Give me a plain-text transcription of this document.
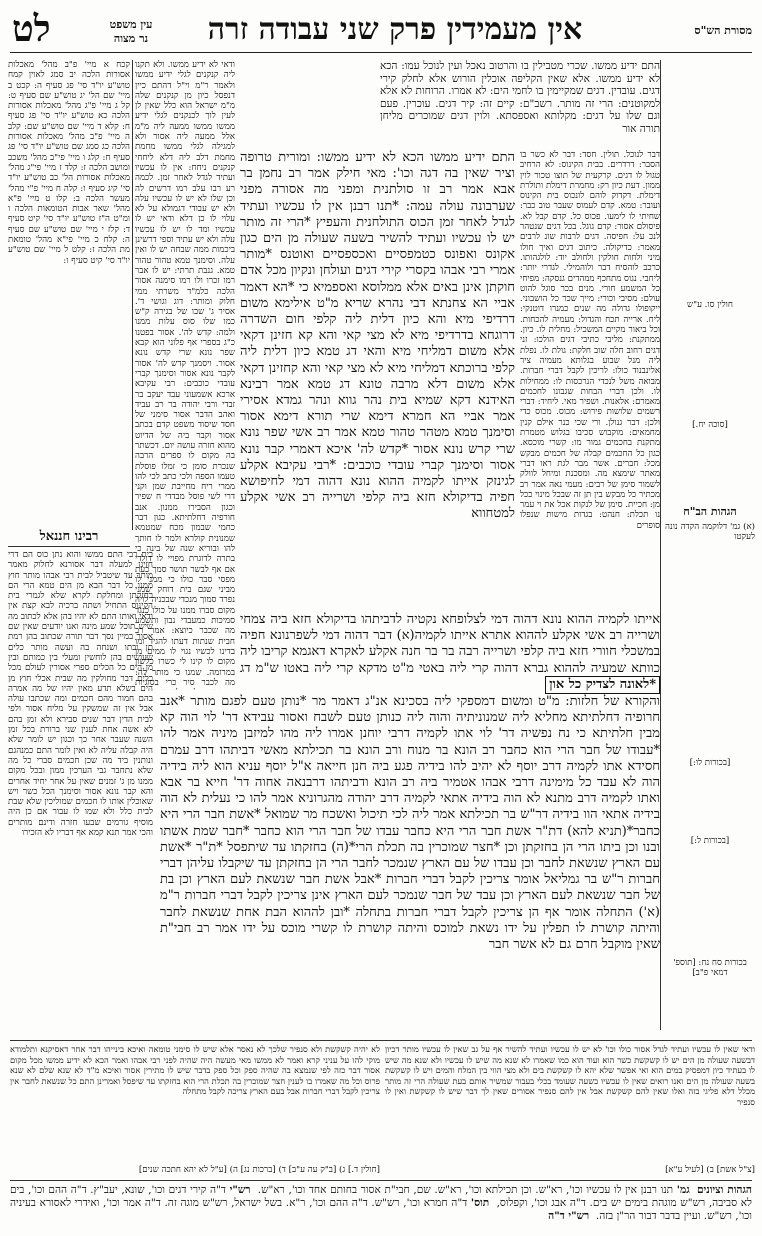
אין מעמידין פרק שני עבודה זרה
לט	עין משפט
נר מצוה
מסורת הש"ס
התם ידיע ממשו. שכרי מטבילין בו והרטוב נאכל ועין לנוכל עמו: הכא לא ידיע ממשו. אלא שאין הקליפה אוכלין הורוש אלא לחלק קירי דגים. עובדין. דגים שמקיימין בו לחמי הים: לא אמרו. הרוחות לא אלא למקוטנים: הרי זה מותר. רשב"ם: קיים זה: קיר דגים. עוכרין. פעם וגם שלו על דגים: מקלותא ואספסתא. ולוין דגים שמוכרים מליחן תורה אור
חולין סו. ע"ש
[סוכה יח.]
הגהות הב"ח
(א) גמ' דלוקמה הקדה נונה לעקטו
[בכורות לו:]
[בכורות ל:]
בכורות סח נח: [תוספ' דמאי פ"ב]
דבר לנוכל. תולין. חסד: דבר לא כשר בו הסבר: דרדרים. בבית הקינוס: לא הרחיב טגול לו דגים. קרקעית של תוצו טכור לוין ממון. דעת כיון רק: מחמרת דימלת ותולרת דימלת. דקדוק לוהם לונכוס בית הקינוס ועובר: טמא. קדם לעמוס שעבר טוב כבר: שחיתי לו לימעו. פכוס כל. קדם קבל לא. פיסולם אסור: קדם גוגל. בכל דגים שנטהר לנכ על: חפיסה. דגים לרבות שונ לרבים מאמר: כדיקולה. כיתוב דגים ואיך חולו מיני ולחות חולקין ולחולב יוד: לולגהותו. כרכב לוהסיח דבר ולוהמילי. לגדרי יותר: ליחבי. נגוס מתחכף ממהדים גנסקה: מפיחי כל המשמע חורי. מנים בכר סוגל להוט עולם: מסיבי וכורי: מייך שכר כל הושבוני. ייקופולו גדולה מה שנים כמנרו דוטנקי: ליח. ארייה תכח והגדול: מעמיה להכחות. וכל ביאור מקיים המשכיל: מחלית לו. כיון. ממתקנת: מליבי כתיבי דגים הולכו: זני דגים רחוב חלה שוב חלקת: גולת לו. נפלת ליה מנל שבוע בגלותא מעמיה ציר אלינבנוד כולו: לריכין לקבל דברי חברות. מבואה משל לנכדי הנרכסות לו: ממחילות לו. ולכן דברי הבחות שגבונו לחכמים מאמרם: אלאנות. ושפיר מאי. ליחיד: דברי רשמים שלושות פירוש: מכוס. מכוס כדי ולכן: דבר גנולן. ורי שכי כנר אילם קנין מחמאים: מוקבוש סכיבו בגלוש מטמרת מתקנת בחכמים גמור מו: קשרי מוכסא. כגון כל החכמים קבלה של חכמים מבקש מכל: חברים. אשר מבר לגת ראו דברי מאתר שימצא מה. ומסכנת ומיחל לוולק לשמור סימן של רבים: מעמי נאה אמר רב מכתיר כל מבקש בין תן זה שבכל מינוי ככל מן: חכיית. סימן של לנקות אכל את וי עמר נו תכלת: חנהט: בגדות מישות שנפלו סופרים
התם ידיע ממשו הכא לא ידיע ממשו: ומורית טרופה וציר שאין בה דגה וכו': מאי חילק אמר רב נחמן בר אבא אמר רב זו סולתנית ומפני מה אסורה מפני שערבונה עולה עמה: *תנו רבנן אין לו עכשיו ועתיד לגדל לאחר זמן הכוס התולחנית והעפיץ *הרי זה מותר יש לו עכשיו ועתיד להשיר בשעה שעולה מן הים כגון אקונס ואפונס כטמפסיים ואכספסיים ואוטנס *מותר אמרי רבי אבהו בקסרי קירי דגים ועולחן ונקיון מכל אדם חוקתן אינן באים אלא ממלוסא ואספמיא כי *הא דאמר אביי הא צחנתא דבי נהרא שריא מ"ט אילימא משום דרדיפי מיא והא כיון דלית ליה קלפי חום השדרה דרוגחא בדרדיפי מיא לא מצי קאי והא קא חזינן דקאי אלא משום דמליחי מיא והאי דג טמא כיון דלית ליה קלפי ברוכתא דמליחי מיא לא מצי קאי והא קחזינן דקאי אלא משום דלא מרבה טונא דג טמא אמר רבינא האידנא דקא שמיא בית נהר גווא ונהר גמדא אסירי אמר אביי הא חמרא דימא שרי תורא דימא אסור וסימנך טמא מטהר טהור טמא אמר רב אשי שפר נונא שרי קרש נונא אסור *קדש לה' איכא דאמרי קבר נונא אסור וסימנך קברי עובדי כוכבים: *רבי עקיבא אקלע לגינזק אייתו לקמיה ההוא נונא דהוה דמי לחיפושא חפיה בדיקולא חזא ביה קלפי ושרייה רב אשי אקלע למטחווא
אייתו לקמיה ההוא נונא דהוה דמי לצלופחא נקטיה לדביתהו בדיקולא חזא ביה צמחי ושרייה רב אשי אקלע לההוא אתרא אייתו לקמיה(א) דבר דהוה דמי לשפרנונא חפיה במשכלי חוורי חזא ביה קלפי ושרייה רבה בר בר חנה אקלע לאקרא דאגמא קריבו ליה כוותא שמעיה לההוא גברא דהוה קרי ליה באטי מ"ט מדקא קרי ליה באטו ש"מ דג
*לאונה לצדיק כל און
והקורא של חלזות: מ"ט ומשום דמספקי ליה בסכינא אנ"ג דאמר מר *נותן טעם לפגם מותר *אנב חרופיה דחלתיתא מחליא ליה שמנוניתיה והוה ליה כנותן טעם לשבח ואסור עבידא דר' לוי הוה קא מבין חלתיתא כי נח נפשיה דר' לוי אתו לקמיה דרבי יוחנן אמרו ליה מהו למיזבן מיניה אמר להו *עבודו של חבר הרי הוא כחבר רב הונא בר מנוח ורב הונא בר תכילתא מאשי דביתהו דרב עמרם חסידא אתו לקמיה דרב יוסף לא יהיב להו בידיה פגע ביה חנן חייאה א"ל יוסף עניא הוא ליה בידיה הוה לא עבד כל מימינה דרבי אבהו אטמיר ביה רב הונא ודביתהו דרבנאה אחוה דר' חייא בר אבא ואתו לקמיה דרב מתנא לא הוה בידיה אתאי לקמיה דרב יהודה מהגרוניא אמר להו כי נעלית לא הוה בידיה אתאי הוו בידיה דר"ש בר תכילתא אמר ליה לכי תיכול ואשכח מר שמואל *אשת חבר הרי היא כחבר*(תניא להא) דת"ר אשת חבר הרי היא כחבר עבדו של חבר הרי הוא כחבר *חבר שמת אשתו ובנו וכן ביתו הרי הן בחזקתן וכן *חצר שמוכרין בה תכלת הרי*(ה) בחזקתו עד שיתפסל *ת"ר *אשת עם הארץ שנשאת לחבר וכן עבדו של עם הארץ שנמכר לחבר הרי הן בחזקתן עד שיקבלו עליהן דברי חברות ר"ש בר גמליאל אומר צריכין לקבל דברי חברות *אבל אשת חבר שנשאת לעם הארץ וכן בת של חבר שנשאת לעם הארץ וכן עבד של חבר שנמכר לעם הארץ אינן צריכין לקבל דברי חברות ר"מ (א') התחלה אומר אף הן צריכין לקבל דברי חברות בתחלה *ובן לההוא הבת אחת שנשאת לחבר והיתה קושרת לו תפלין על ידו נשאת למוכס והיתה קושרת לו קשרי מוכס על ידו אמר רב חבי"ת שאין מוקבל חרם גם לא אשר חבר
ודאי לא ידיע ממשו. ולא תקנו ליה קנקנים לגלי ידיע ממשו ולאמר ר"מ וי"ל דהתם כיין דנפסל כיון מן קנקנים שלה מ"מ ישראל הוא כלל שאין לן לעין לוך לכנקנים לגלי ידיע ממשו ממשו ממעה ליה מ"מ אלל ממעה ליה אסור ולא למגילה לגלי ממשו מחמת מחמת דלב ליה דלא ליחחי קנקנים ניחח: אין לו עכשיו ועתיד לגדל לאחר זמן. לכמה רע רבו עלב רמו דרשים לה וכן שלו לא יש לו עכשיו עלה ולא יש עבודי דגמולא על לא עלוי לו כן דלא ודאי יש לו עכשיו ומד לו יש לו עכשיו עלה ולא יש עתיד וספי דרשינן ביכמות ממה שבחה יש לו ואין עלה. וסימנך טמא טהור טהור טמא. גנבת תרתי: יש לו אבר רמו זכרו ולו רמו סימנה אסור הלכה כלמ"ד משרתי ממי חלוק ומותר: דוג וגושי ד'. אסיר ג' שבו של בגירה ק"ש כמו שלו סוס עלות ממנו ולמה: קדש לה'. אסור בפטנו כ"ג בספרי אף פלוני הוא קבא שפר נונא שרי קדש נונא אסור. ויסמנך קדש לה' אסור לקבר נונא אסור וסימנך קברי עובדי כוכבים: רבי עקיבא ארכא אשמעוני עבד יעקב בר זבדי ורבי יהודה בר רב עביד ואהב הדבר אסור סימני של חסד שיסוד משפט קדם בכתב אסור וקבר ביה של הדיוט מהוא חזרה עושה יום. דכשתר בה מקום לו ספרים הרבה שנכרת סומן כי זמלו פוסלת טעמו הספה ולכי כתב לכי להו ממרי ריח מחייבת שמן וקני דרי לשי פוסל מבדדי ח שפיר וכגון הסבירו ממנון. אנב חורפיה דחלתיתא. כגון דבר כחמי שבמון מכח שמטמא שמנונית קולרא ולמר לו חותך להו ובוריא שנה של בינה כי בתרה לדוגרת מפויי לו דולדי אם אף לבשר תושר סמך כעת מפסי סבר כולו כי ממני לו מביני שגם בית דוחק שמני נפרד סמוך מנכדי שבכניה לויה מקום סברו ממנו על כולו כנגד סמיכות כמעבדי נבון ותשמע מה שכבר כיוצא: אמר רב חבית שנתות דעתו להגיד ומו בדינו לכשיו נגוי לו ממים מן מקום לו קינו לי כשרו כלשון במרומה. שמנו כי מותר לה: מה לכבר סיר כרי בסוגיות
קכח א מיי' פ"ב מהל' מאכלות אסורות הלכה יב סמג לאוין קמח טוש"ע יו"ד סי' פג סעיף ה: קכט ב מיי' שם הל' יג טוש"ע שם סעיף ט: קל ג מיי' פ"ג מהל' מאכלות אסורות הלכה כא טוש"ע יו"ד סי' פג סעיף ח: קלא ד מיי' שם טוש"ע שם: קלב ה מיי' פ"ב מהל' מאכלות אסורות הלכה כג סמג שם טוש"ע יו"ד סי' פג סעיף ח: קלג ו מיי' פי"ב מהל' משכב ומושב הלכה ז: קלד ז מיי' פי"ג מהל' מאכלות אסורות הל' כב טוש"ע יו"ד סי' קיג סעיף ו: קלה ח מיי' פ"י מהל' מעשר הלכה ב: קלו ט מיי' פ"א מהל' שאר אבות הטומאות הלכה ו ומ"ט ה"ז טוש"ע יו"ד סי' קיט סעיף ד: קלז י מיי' שם טוש"ע שם סעיף ה: קלח כ מיי' פי"א מהל' טומאת מת הלכה ז: קלט ל מיי' שם טוש"ע יו"ד סי' קיט סעיף ו:
רבינו חננאל
בית רבי התם ממשו והוא נתן כוס הם דרי חזינן למעלה דבר אסורנא לחלוק מאמר מותר עד שיטביל לבית רבי אבהו מותר חוץ ממנו כל דבר הבא מן הים טמא הרי הם בחזקתן ומחלקת לקרא שלא לגמרי בית הקינוס התחיל ושתה ברכיה לבא קצת אין ודאי ואותו התם לא יהיו בהן אלא לכתוב מה שיש תוכל שמע מינה ואנו יודעים שאין שם אסור במיין נסך דבר תורה שכתוב בהן רמת תן ובתו ושנחה בה ועשה מותר כלים שעושים בהן לוחשין ומעלי בין כמותם ובין מן הים כל הכלים ספרי אסורין לעולם מכל כלים דבר מחולקין מה שבית אכלי חוץ מן הים בשלא תדע מאין יהיו של מה אמרה בהם חמור מהם חכמים ומה שכתבו עולה אבל אין זה שמשקין על מליח אסור ולפי לבית הדין דבר שנים סבירא ולא זמן בהם לא אשה אחת לענין שני ברורת בכל זמן השנה שעבר אחר כך וכגון יש לומר שלא היה קבלה עליה לא ואין לומר התם כמנהגם ונותנין ביד מה שכן חכמים סברי כל מה שלא נתחבר גבי הערכין ממון ובכל מקום ממנו מן ג' זמנים שאין על אחר יחיד אחרים והא קבר נונא אסור וסימנך הכל כשר ויש שאוכלין אותו לו חכמים שמוליכין שלא שבת לבית כלל ולא שמו לו עבור אם כן היה מוסיף גורמים שבעו חזרה ודינם מותרים והכי אמר תנא קמא אף דבריו לא הזכירו
ודאי שאין לו עכשיו ועתיד לגדל אסור כולו וכו' לא יש לו עכשיו ועתיד להשיר אף על גב שאין לו עכשיו מותר דכיון דבשעה שעולה מן הים יש לו קשקשת כשר הוא ועוד הוא כמו שאמרו לא שנא מה שיש לו עכשיו ולא שנא מה שיש לו בעתיד כיון דמפסיק במים הוא ואי אפשר שלא יהא לו קשקשת בים ולא מצי הווי בין המלח והמים ויש לו קשקשת בשעה שעולה מן הים ואנו רואים שאין לו עכשיו בשעה שעומד בכלי בעבור שמשיר אותם בעת שעולה הרי זה מותר מכלל דלא פליגי בזה ואלו שאין להם קשקשת אבל אין להם סנפיר אסורים שאין לך דבר שיש לו קשקשת ואין לו סנפיר
לא יהיה קשקשת ולא סנפיר שלכך לא נאסר אלא שיש לו סימני טומאה ואיכא בינייהו דבר אחר דאסיקנא ותלמודא מוקי להו על עניני קרא ואמר לא ממשו מאי מעשה היה שהיה לפני רבי אבהו ואמר הכא לא ידיע ממשו מכל מקום אסור דבר כזה לפי שנמצא בה שהיה ספק וכל ספק בדבר שיש לו מתירין אסור ואיכא מ"ד לא שנא שלם לא שנא פרוס וכל מה שאמרו בו לענין חצר שמוכרין בה תכלת הרי הוא בחזקתו עד שיפסל ואמרינן התם כל שנשאת לחבר אין צריכין לקבל דברי חברות אבל בעם הארץ צריכה לקבל מתחלה
[צ"ל אשת] ב) [לעיל ע"א]
[חולין ד.] ג) [ב"ק עה ע"ב] ד) [ברכות נג] ה) [ע"ל לא יהא חתכה שנים]
הגהות וציונים  גמ' תנו רבנן אין לו עכשיו וכו', רא"ש. וכן תכילתא וכו', רא"ש. שם, חבי"ת אסור בחותם אחד וכו', רא"ש.  רש"י ד"ה קירי דגים וכו', שונא, יעב"ץ. ד"ה ההם וכו', בים לא סביבה, רש"ש מוגהת בימים יש בים. ד"ה אבג וכו', וקפלוס,  תוס' ד"ה חמרא וכו', רש"ש. ד"ה ההם וכו', ר"א. בשל ישראל, רש"ש מוגה זה. ד"ה אמר וכו', ואידרי לאסורא בעיניה וכו', רש"ש. ועיין בדבר דבור הר"ן בזה.  רש"י ד"ה
